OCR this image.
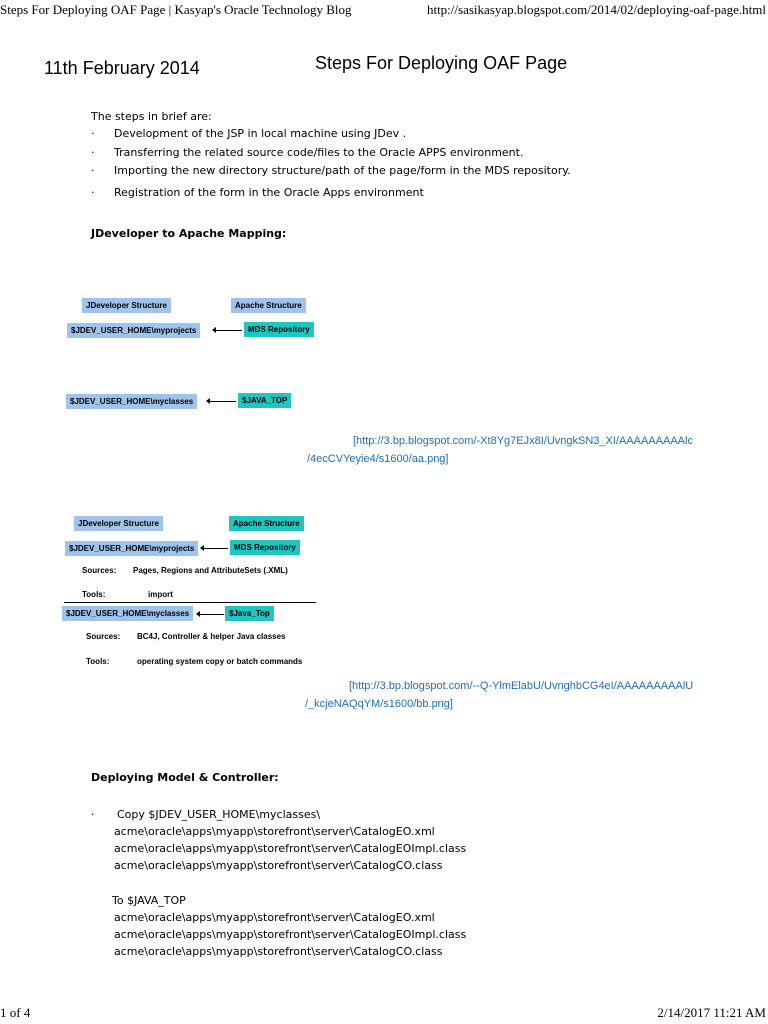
Steps For Deploying OAF Page | Kasyap's Oracle Technology Blog	http://sasikasyap.blogspot.com/2014/02/deploying-oaf-page.html
11th February 2014	Steps For Deploying OAF Page
The steps in brief are:
· Development of the JSP in local machine using JDev .
· Transferring the related source code/files to the Oracle APPS environment.
· Importing the new directory structure/path of the page/form in the MDS repository.
· Registration of the form in the Oracle Apps environment
JDeveloper to Apache Mapping:
JDeveloper Structure	Apache Structure
$JDEV_USER_HOME\myprojects	MDS Repository
$JDEV_USER_HOME\myclasses	$JAVA_TOP
[http://3.bp.blogspot.com/-Xt8Yg7EJx8I/UvngkSN3_XI/AAAAAAAAAlc
/4ecCVYeyie4/s1600/aa.png]
JDeveloper Structure	Apache Structure
$JDEV_USER_HOME\myprojects	MDS Repository
Sources: Pages, Regions and AttributeSets (.XML)
Tools:	import
$JDEV_USER_HOME\myclasses	$Java_Top
Sources: BC4J, Controller & helper Java classes
Tools:	operating system copy or batch commands
[http://3.bp.blogspot.com/--Q-YlmElabU/UvnghbCG4eI/AAAAAAAAAlU
/_kcjeNAQqYM/s1600/bb.png]
Deploying Model & Controller:
· Copy $JDEV_USER_HOME\myclasses\
acme\oracle\apps\myapp\storefront\server\CatalogEO.xml
acme\oracle\apps\myapp\storefront\server\CatalogEOImpl.class
acme\oracle\apps\myapp\storefront\server\CatalogCO.class
To $JAVA_TOP
acme\oracle\apps\myapp\storefront\server\CatalogEO.xml
acme\oracle\apps\myapp\storefront\server\CatalogEOImpl.class
acme\oracle\apps\myapp\storefront\server\CatalogCO.class
1 of 4	2/14/2017 11:21 AM
